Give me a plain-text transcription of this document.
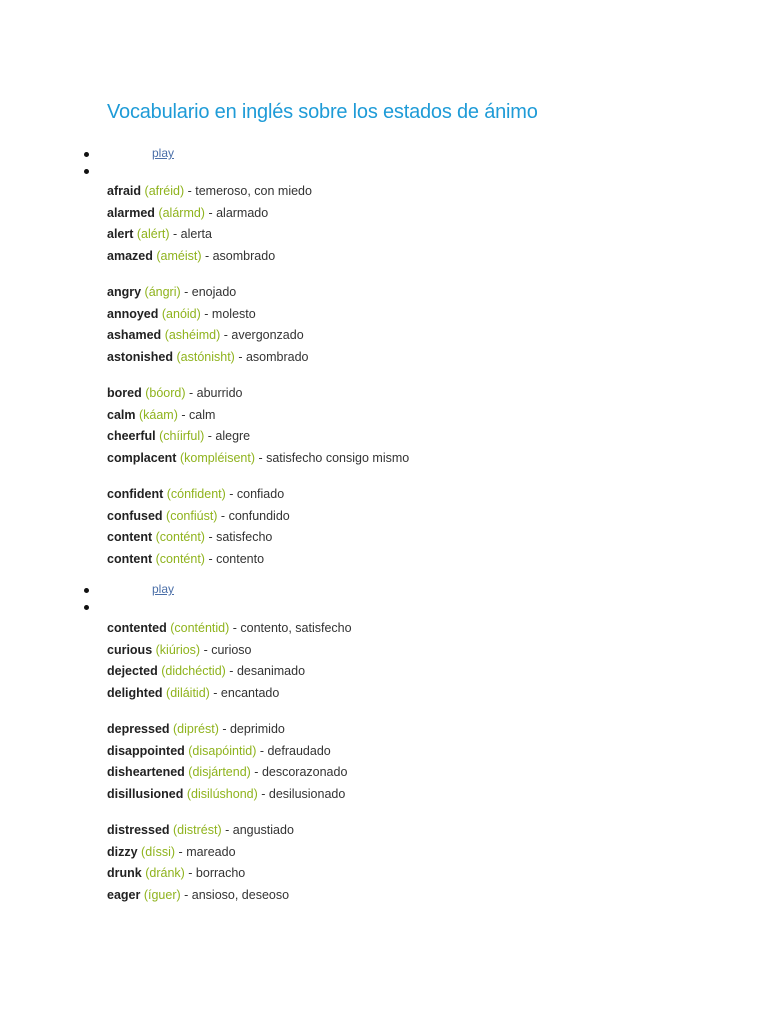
Vocabulario en inglés sobre los estados de ánimo
play
play
afraid (afréid) - temeroso, con miedo
alarmed (alármd) - alarmado
alert (alért) - alerta
amazed (améist) - asombrado
angry (ángri) - enojado
annoyed (anóid) - molesto
ashamed (ashéimd) - avergonzado
astonished (astónisht) - asombrado
bored (bóord) - aburrido
calm (káam) - calm
cheerful (chíirful) - alegre
complacent (kompléisent) - satisfecho consigo mismo
confident (cónfident) - confiado
confused (confiúst) - confundido
content (contént) - satisfecho
content (contént) - contento
contented (conténtid) - contento, satisfecho
curious (kiúrios) - curioso
dejected (didchéctid) - desanimado
delighted (diláitid) - encantado
depressed (diprést) - deprimido
disappointed (disapóintid) - defraudado
disheartened (disjártend) - descorazonado
disillusioned (disilúshond) - desilusionado
distressed (distrést) - angustiado
dizzy (díssi) - mareado
drunk (dránk) - borracho
eager (íguer) - ansioso, deseoso
